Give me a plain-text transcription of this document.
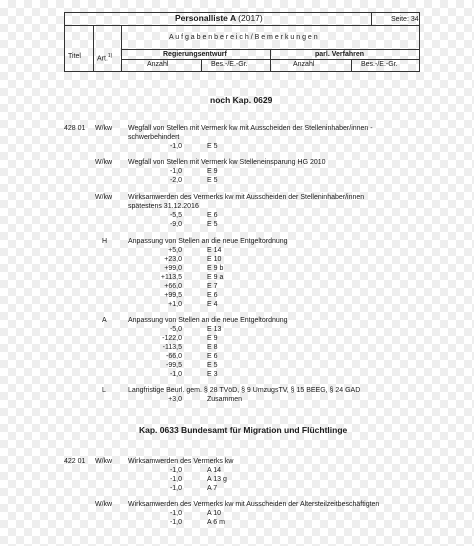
Personalliste A (2017)	Seite: 34
Titel Art.$^{1)}$
A u f g a b e n b e r e i c h / B e m e r k u n g e n
Regierungsentwurf	parl. Verfahren
Anzahl	Bes.-/E.-Gr.	Anzahl	Bes.-/E.-Gr.
noch Kap. 0629
428 01 W/kw Wegfall von Stellen mit Vermerk kw mit Ausscheiden der Stelleninhaber/innen -
schwerbehindert
-1,0	E 5
W/kw Wegfall von Stellen mit Vermerk kw Stelleneinsparung HG 2010
-1,0	E 9
-2,0	E 5
W/kw Wirksamwerden des Vermerks kw mit Ausscheiden der Stelleninhaber/innen
spätestens 31.12.2016
-5,5	E 6
-9,0	E 5
H	Anpassung von Stellen an die neue Entgeltordnung
+5,0	E 14
+23,0	E 10
+99,0	E 9 b
+113,5	E 9 a
+66,0	E 7
+99,5	E 6
+1,0	E 4
A	Anpassung von Stellen an die neue Entgeltordnung
-5,0	E 13
-122,0	E 9
-113,5	E 8
-66,0	E 6
-99,5	E 5
-1,0	E 3
L	Langfristige Beurl. gem. § 28 TVöD, § 9 UmzugsTV, § 15 BEEG, § 24 GAD
+3,0	Zusammen
Kap. 0633 Bundesamt für Migration und Flüchtlinge
422 01 W/kw Wirksamwerden des Vermerks kw
-1,0	A 14
-1,0	A 13 g
-1,0	A 7
W/kw Wirksamwerden des Vermerks kw mit Ausscheiden der Altersteilzeitbeschäftigten
-1,0	A 10
-1,0	A 6 m
